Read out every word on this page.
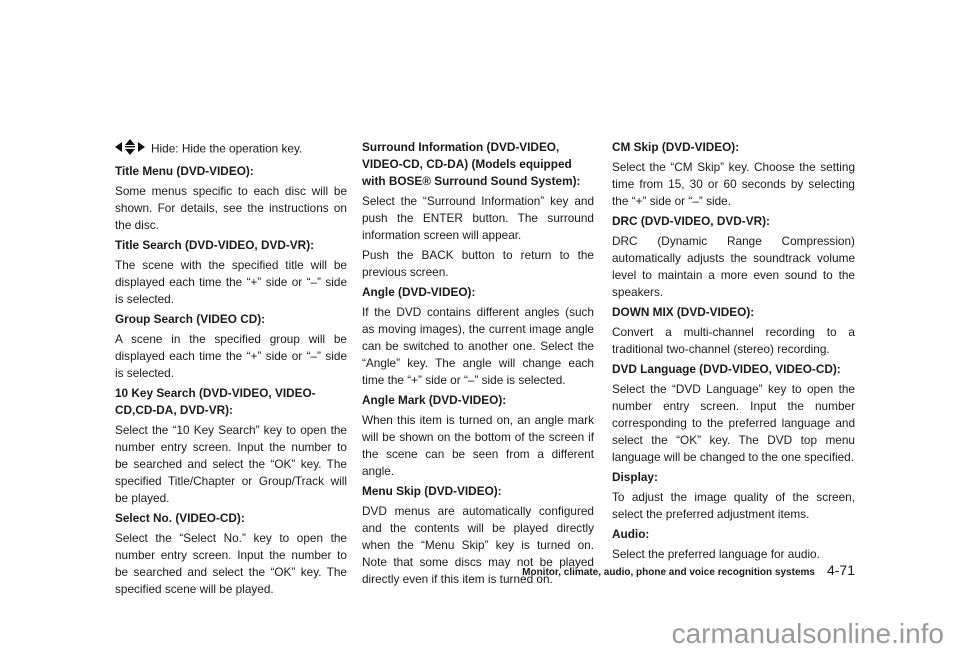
Hide: Hide the operation key.
Title Menu (DVD-VIDEO):
Some menus specific to each disc will be shown. For details, see the instructions on the disc.
Title Search (DVD-VIDEO, DVD-VR):
The scene with the specified title will be displayed each time the “+” side or “–” side is selected.
Group Search (VIDEO CD):
A scene in the specified group will be displayed each time the “+” side or “–” side is selected.
10 Key Search (DVD-VIDEO, VIDEO-CD,CD-DA, DVD-VR):
Select the “10 Key Search” key to open the number entry screen. Input the number to be searched and select the “OK” key. The specified Title/Chapter or Group/Track will be played.
Select No. (VIDEO-CD):
Select the “Select No.” key to open the number entry screen. Input the number to be searched and select the “OK” key. The specified scene will be played.
Surround Information (DVD-VIDEO, VIDEO-CD, CD-DA) (Models equipped with BOSE® Surround Sound System):
Select the “Surround Information” key and push the ENTER button. The surround information screen will appear.
Push the BACK button to return to the previous screen.
Angle (DVD-VIDEO):
If the DVD contains different angles (such as moving images), the current image angle can be switched to another one. Select the “Angle” key. The angle will change each time the “+” side or “–” side is selected.
Angle Mark (DVD-VIDEO):
When this item is turned on, an angle mark will be shown on the bottom of the screen if the scene can be seen from a different angle.
Menu Skip (DVD-VIDEO):
DVD menus are automatically configured and the contents will be played directly when the “Menu Skip” key is turned on. Note that some discs may not be played directly even if this item is turned on.
CM Skip (DVD-VIDEO):
Select the “CM Skip” key. Choose the setting time from 15, 30 or 60 seconds by selecting the “+” side or “–” side.
DRC (DVD-VIDEO, DVD-VR):
DRC (Dynamic Range Compression) automatically adjusts the soundtrack volume level to maintain a more even sound to the speakers.
DOWN MIX (DVD-VIDEO):
Convert a multi-channel recording to a traditional two-channel (stereo) recording.
DVD Language (DVD-VIDEO, VIDEO-CD):
Select the “DVD Language” key to open the number entry screen. Input the number corresponding to the preferred language and select the “OK” key. The DVD top menu language will be changed to the one specified.
Display:
To adjust the image quality of the screen, select the preferred adjustment items.
Audio:
Select the preferred language for audio.
Monitor, climate, audio, phone and voice recognition systems 4-71
carmanualsonline.info
